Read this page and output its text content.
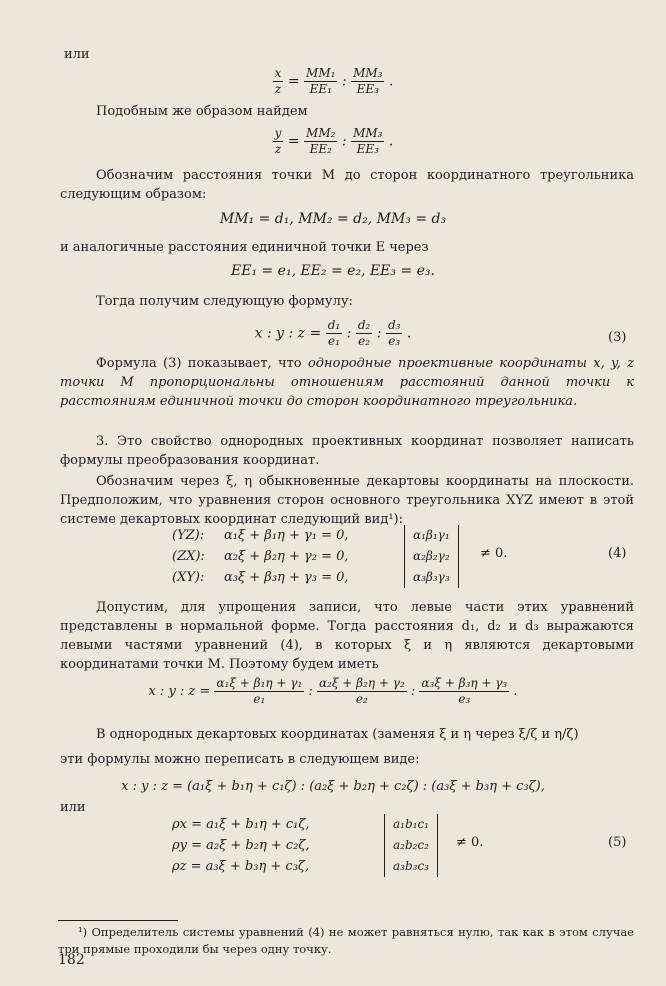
или
$\frac{x}{z} = \frac{\text{MM₁}}{\text{EE₁}}$ : $\frac{\text{MM₃}}{\text{EE₃}}$ .
Подобным же образом найдем
$\frac{y}{z} = \frac{\text{MM₂}}{\text{EE₂}}$ : $\frac{\text{MM₃}}{\text{EE₃}}$ .
Обозначим расстояния точки M до сторон координатного треугольника следующим образом:
MM₁ = d₁, MM₂ = d₂, MM₃ = d₃
и аналогичные расстояния единичной точки E через
EE₁ = e₁, EE₂ = e₂, EE₃ = e₃.
Тогда получим следующую формулу:
x : y : $z = \frac{\text{d₁}}{\text{e₁}}$ : $\frac{\text{d₂}}{\text{e₂}}$ : $\frac{\text{d₃}}{\text{e₃}}$ .	(3)
Формула (3) показывает, что однородные проективные координаты x, y, z точки M пропорциональны отношениям расстояний данной точки к расстояниям единичной точки до сторон координатного треугольника.
3. Это свойство однородных проективных координат позволяет написать формулы преобразования координат.
Обозначим через ξ, η обыкновенные декартовы координаты на плоскости. Предположим, что уравнения сторон основного треугольника XYZ имеют в этой системе декартовых координат следующий вид¹):
(YZ): α₁ξ + β₁η + γ₁ = 0,
(ZX): α₂ξ + β₂η + γ₂ = 0,
(XY): α₃ξ + β₃η + γ₃ = 0,
α₁β₁γ₁
α₂β₂γ₂
α₃β₃γ₃
≠ 0.	(4)
Допустим, для упрощения записи, что левые части этих уравнений представлены в нормальной форме. Тогда расстояния d₁, d₂ и d₃ выражаются левыми частями уравнений (4), в которых ξ и η являются декартовыми координатами точки M. Поэтому будем иметь
x : y : $z = \frac{\text{α₁ξ + β₁η + γ₁}}{\text{e₁}}$ : $\frac{\text{α₂ξ + β₂η + γ₂}}{\text{e₂}}$ : $\frac{\text{α₃ξ + β₃η + γ₃}}{\text{e₃}}$ .
В однородных декартовых координатах (заменяя ξ и η через ξ/ζ и η/ζ)
эти формулы можно переписать в следующем виде:
x : y : z = (a₁ξ + b₁η + c₁ζ) : (a₂ξ + b₂η + c₂ζ) : (a₃ξ + b₃η + c₃ζ),
или
ρx = a₁ξ + b₁η + c₁ζ,
ρy = a₂ξ + b₂η + c₂ζ,
ρz = a₃ξ + b₃η + c₃ζ,
a₁b₁c₁
a₂b₂c₂
a₃b₃c₃
≠ 0.	(5)
¹) Определитель системы уравнений (4) не может равняться нулю, так как в этом случае три прямые проходили бы через одну точку.
182
